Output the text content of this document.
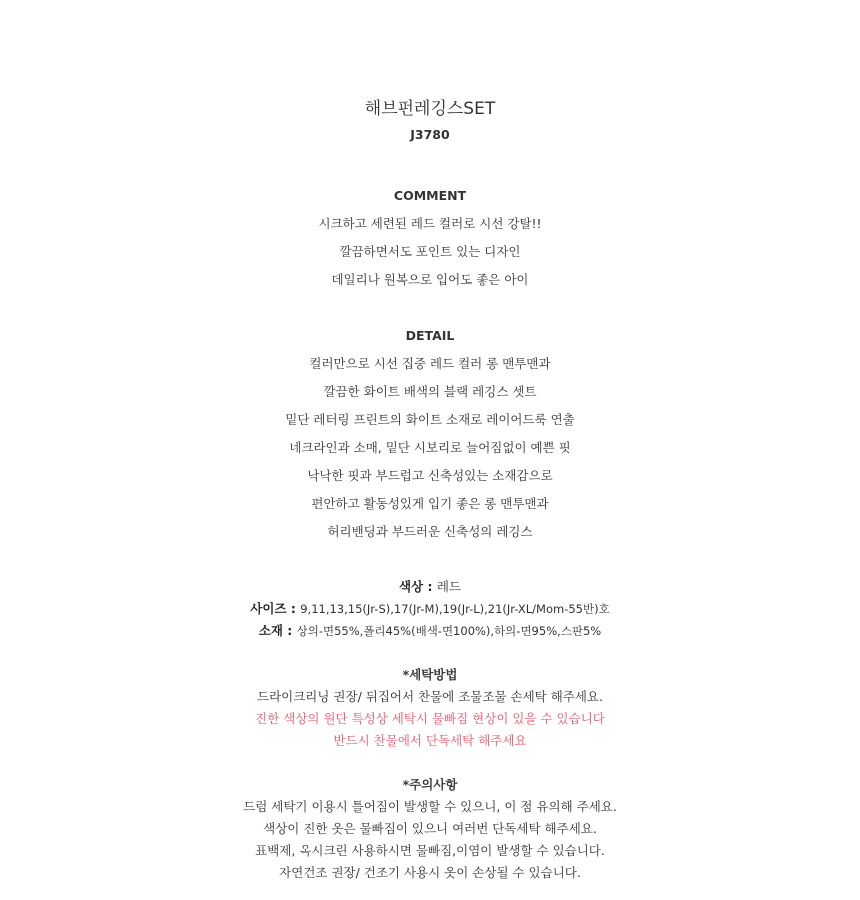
해브펀레깅스SET
J3780
COMMENT
시크하고 세련된 레드 컬러로 시선 강탈!!
깔끔하면서도 포인트 있는 디자인
데일리나 원복으로 입어도 좋은 아이
DETAIL
컬러만으로 시선 집중 레드 컬러 롱 맨투맨과
깔끔한 화이트 배색의 블랙 레깅스 셋트
밑단 레터링 프린트의 화이트 소재로 레이어드룩 연출
네크라인과 소매, 밑단 시보리로 늘어짐없이 예쁜 핏
낙낙한 핏과 부드럽고 신축성있는 소재감으로
편안하고 활동성있게 입기 좋은 롱 맨투맨과
허리밴딩과 부드러운 신축성의 레깅스
색상 : 레드
사이즈 : 9,11,13,15(Jr-S),17(Jr-M),19(Jr-L),21(Jr-XL/Mom-55반)호
소재 : 상의-면55%,폴리45%(배색-면100%),하의-면95%,스판5%
*세탁방법
드라이크리닝 권장/ 뒤집어서 찬물에 조물조물 손세탁 해주세요.
진한 색상의 원단 특성상 세탁시 물빠짐 현상이 있을 수 있습니다
반드시 찬물에서 단독세탁 해주세요
*주의사항
드럼 세탁기 이용시 틀어짐이 발생할 수 있으니, 이 점 유의해 주세요.
색상이 진한 옷은 물빠짐이 있으니 여러번 단독세탁 해주세요.
표백제, 옥시크린 사용하시면 물빠짐,이염이 발생할 수 있습니다.
자연건조 권장/ 건조기 사용시 옷이 손상될 수 있습니다.
